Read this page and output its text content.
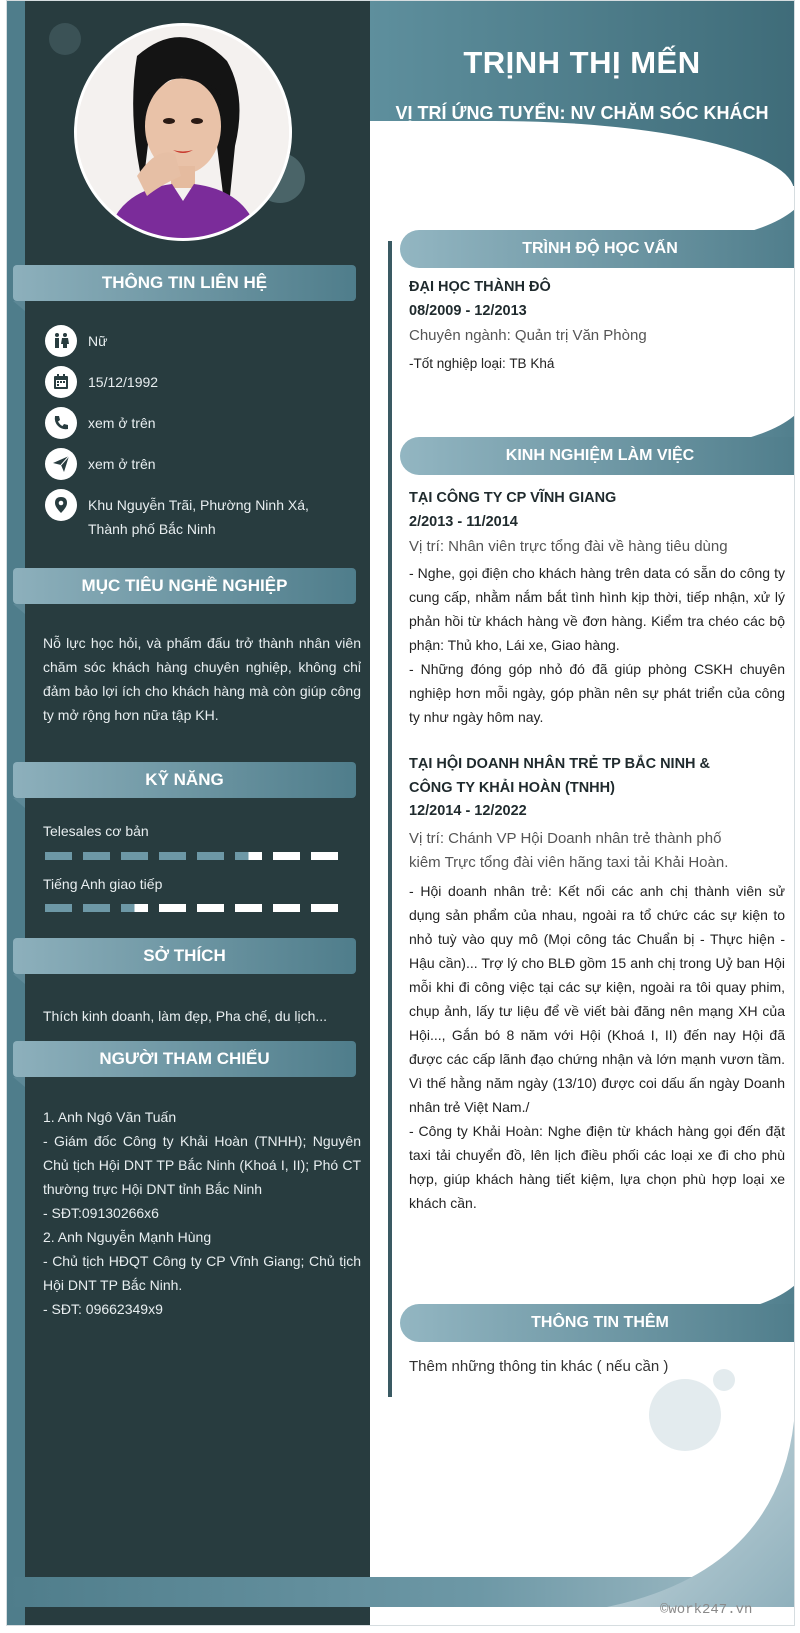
TRỊNH THỊ MẾN
VỊ TRÍ ỨNG TUYỂN: NV CHĂM SÓC KHÁCH HÀNG
THÔNG TIN LIÊN HỆ
Nữ
15/12/1992
xem ở trên
xem ở trên
Khu Nguyễn Trãi, Phường Ninh Xá, Thành phố Bắc Ninh
MỤC TIÊU NGHỀ NGHIỆP
Nỗ lực học hỏi, và phấm đấu trở thành nhân viên chăm sóc khách hàng chuyên nghiệp, không chỉ đảm bảo lợi ích cho khách hàng mà còn giúp công ty mở rộng hơn nữa tập KH.
KỸ NĂNG
Telesales cơ bản
Tiếng Anh giao tiếp
SỞ THÍCH
Thích kinh doanh, làm đẹp, Pha chế, du lịch...
NGƯỜI THAM CHIẾU
1. Anh Ngô Văn Tuấn
- Giám đốc Công ty Khải Hoàn (TNHH); Nguyên Chủ tịch Hội DNT TP Bắc Ninh (Khoá I, II); Phó CT thường trực Hội DNT tỉnh Bắc Ninh
- SĐT:09130266x6
2. Anh Nguyễn Mạnh Hùng
- Chủ tịch HĐQT Công ty CP Vĩnh Giang; Chủ tịch Hội DNT TP Bắc Ninh.
- SĐT: 09662349x9
TRÌNH ĐỘ HỌC VẤN
ĐẠI HỌC THÀNH ĐÔ
08/2009 - 12/2013
Chuyên ngành: Quản trị Văn Phòng
-Tốt nghiệp loại: TB Khá
KINH NGHIỆM LÀM VIỆC
TẠI CÔNG TY CP VĨNH GIANG
2/2013 - 11/2014
Vị trí: Nhân viên trực tổng đài về hàng tiêu dùng
- Nghe, gọi điện cho khách hàng trên data có sẵn do công ty cung cấp, nhằm nắm bắt tình hình kịp thời, tiếp nhận, xử lý phản hồi từ khách hàng về đơn hàng. Kiểm tra chéo các bộ phận: Thủ kho, Lái xe, Giao hàng.
- Những đóng góp nhỏ đó đã giúp phòng CSKH chuyên nghiệp hơn mỗi ngày, góp phần nên sự phát triển của công ty như ngày hôm nay.
TẠI HỘI DOANH NHÂN TRẺ TP BẮC NINH & CÔNG TY KHẢI HOÀN (TNHH)
12/2014 - 12/2022
Vị trí: Chánh VP Hội Doanh nhân trẻ thành phố kiêm Trực tổng đài viên hãng taxi tải Khải Hoàn.
- Hội doanh nhân trẻ: Kết nối các anh chị thành viên sử dụng sản phẩm của nhau, ngoài ra tổ chức các sự kiện to nhỏ tuỳ vào quy mô (Mọi công tác Chuẩn bị - Thực hiện - Hậu cần)... Trợ lý cho BLĐ gồm 15 anh chị trong Uỷ ban Hội mỗi khi đi công việc tại các sự kiện, ngoài ra tôi quay phim, chụp ảnh, lấy tư liệu để về viết bài đăng nên mạng XH của Hội..., Gắn bó 8 năm với Hội (Khoá I, II) đến nay Hội đã được các cấp lãnh đạo chứng nhận và lớn mạnh vươn tầm. Vì thế hằng năm ngày (13/10) được coi dấu ấn ngày Doanh nhân trẻ Việt Nam./
- Công ty Khải Hoàn: Nghe điện từ khách hàng gọi đến đặt taxi tải chuyển đồ, lên lịch điều phối các loại xe đi cho phù hợp, giúp khách hàng tiết kiệm, lựa chọn phù hợp loại xe khách cần.
THÔNG TIN THÊM
Thêm những thông tin khác ( nếu cần )
©work247.vn
